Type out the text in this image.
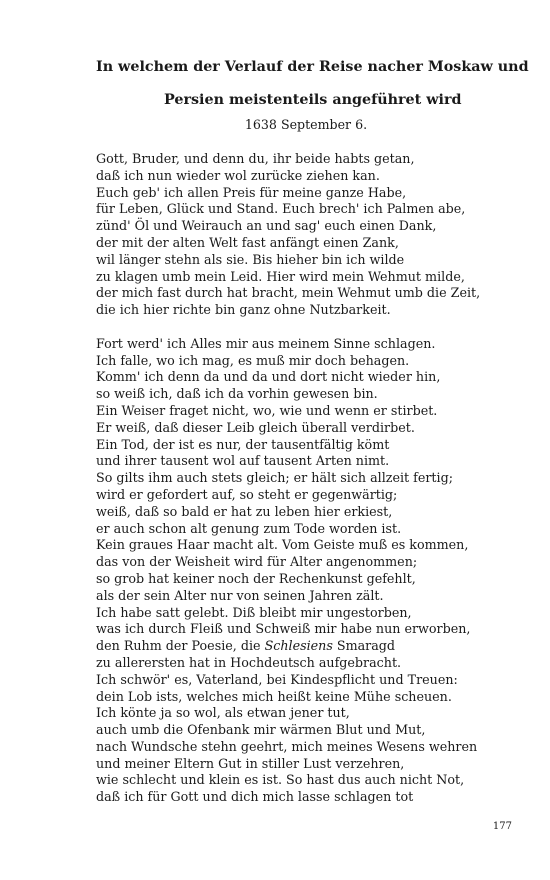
In welchem der Verlauf der Reise nacher Moskaw und
Persien meistenteils angeführet wird
1638 September 6.
Gott, Bruder, und denn du, ihr beide habts getan,
daß ich nun wieder wol zurücke ziehen kan.
Euch geb' ich allen Preis für meine ganze Habe,
für Leben, Glück und Stand. Euch brech' ich Palmen abe,
zünd' Öl und Weirauch an und sag' euch einen Dank,
der mit der alten Welt fast anfängt einen Zank,
wil länger stehn als sie. Bis hieher bin ich wilde
zu klagen umb mein Leid. Hier wird mein Wehmut milde,
der mich fast durch hat bracht, mein Wehmut umb die Zeit,
die ich hier richte bin ganz ohne Nutzbarkeit.
Fort werd' ich Alles mir aus meinem Sinne schlagen.
Ich falle, wo ich mag, es muß mir doch behagen.
Komm' ich denn da und da und dort nicht wieder hin,
so weiß ich, daß ich da vorhin gewesen bin.
Ein Weiser fraget nicht, wo, wie und wenn er stirbet.
Er weiß, daß dieser Leib gleich überall verdirbet.
Ein Tod, der ist es nur, der tausentfältig kömt
und ihrer tausent wol auf tausent Arten nimt.
So gilts ihm auch stets gleich; er hält sich allzeit fertig;
wird er gefordert auf, so steht er gegenwärtig;
weiß, daß so bald er hat zu leben hier erkiest,
er auch schon alt genung zum Tode worden ist.
Kein graues Haar macht alt. Vom Geiste muß es kommen,
das von der Weisheit wird für Alter angenommen;
so grob hat keiner noch der Rechenkunst gefehlt,
als der sein Alter nur von seinen Jahren zält.
Ich habe satt gelebt. Diß bleibt mir ungestorben,
was ich durch Fleiß und Schweiß mir habe nun erworben,
den Ruhm der Poesie, die Schlesiens Smaragd
zu allerersten hat in Hochdeutsch aufgebracht.
Ich schwör' es, Vaterland, bei Kindespflicht und Treuen:
dein Lob ists, welches mich heißt keine Mühe scheuen.
Ich könte ja so wol, als etwan jener tut,
auch umb die Ofenbank mir wärmen Blut und Mut,
nach Wundsche stehn geehrt, mich meines Wesens wehren
und meiner Eltern Gut in stiller Lust verzehren,
wie schlecht und klein es ist. So hast dus auch nicht Not,
daß ich für Gott und dich mich lasse schlagen tot
177
